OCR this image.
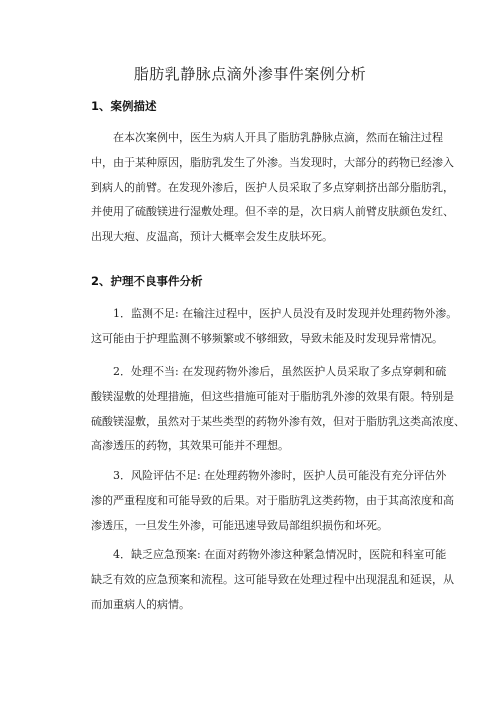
脂肪乳静脉点滴外渗事件案例分析
1、案例描述
在本次案例中，医生为病人开具了脂肪乳静脉点滴，然而在输注过程
中，由于某种原因，脂肪乳发生了外渗。当发现时，大部分的药物已经渗入
到病人的前臂。在发现外渗后，医护人员采取了多点穿刺挤出部分脂肪乳，
并使用了硫酸镁进行湿敷处理。但不幸的是，次日病人前臂皮肤颜色发红、
出现大疱、皮温高，预计大概率会发生皮肤坏死。
2、护理不良事件分析
1．监测不足: 在输注过程中，医护人员没有及时发现并处理药物外渗。
这可能由于护理监测不够频繁或不够细致，导致未能及时发现异常情况。
2．处理不当: 在发现药物外渗后，虽然医护人员采取了多点穿刺和硫
酸镁湿敷的处理措施，但这些措施可能对于脂肪乳外渗的效果有限。特别是
硫酸镁湿敷，虽然对于某些类型的药物外渗有效，但对于脂肪乳这类高浓度、
高渗透压的药物，其效果可能并不理想。
3．风险评估不足: 在处理药物外渗时，医护人员可能没有充分评估外
渗的严重程度和可能导致的后果。对于脂肪乳这类药物，由于其高浓度和高
渗透压，一旦发生外渗，可能迅速导致局部组织损伤和坏死。
4．缺乏应急预案: 在面对药物外渗这种紧急情况时，医院和科室可能
缺乏有效的应急预案和流程。这可能导致在处理过程中出现混乱和延误，从
而加重病人的病情。
